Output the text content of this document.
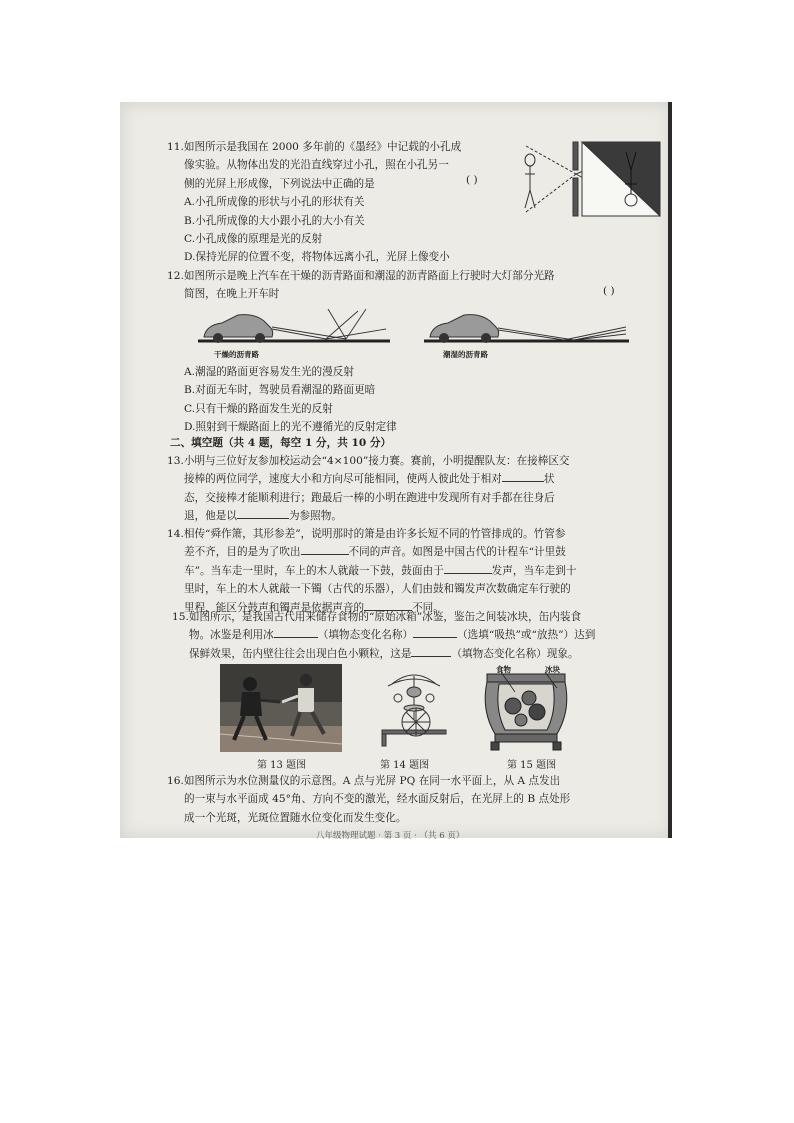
11.如图所示是我国在 2000 多年前的《墨经》中记载的小孔成
像实验。从物体出发的光沿直线穿过小孔，照在小孔另一
侧的光屏上形成像，下列说法中正确的是
A.小孔所成像的形状与小孔的形状有关
B.小孔所成像的大小跟小孔的大小有关
C.小孔成像的原理是光的反射
D.保持光屏的位置不变，将物体远离小孔，光屏上像变小
( )
12.如图所示是晚上汽车在干燥的沥青路面和潮湿的沥青路面上行驶时大灯部分光路
简图，在晚上开车时	( )
干燥的沥青路	潮湿的沥青路
A.潮湿的路面更容易发生光的漫反射
B.对面无车时，驾驶员看潮湿的路面更暗
C.只有干燥的路面发生光的反射
D.照射到干燥路面上的光不遵循光的反射定律
二、填空题（共 4 题，每空 1 分，共 10 分）
13.小明与三位好友参加校运动会“4×100”接力赛。赛前，小明提醒队友：在接棒区交
接棒的两位同学，速度大小和方向尽可能相同，使两人彼此处于相对	状
态，交接棒才能顺利进行；跑最后一棒的小明在跑进中发现所有对手都在往身后
退，他是以	为参照物。
14.相传“舜作箫，其形参差”，说明那时的箫是由许多长短不同的竹管排成的。竹管参
差不齐，目的是为了吹出	不同的声音。如图是中国古代的计程车“计里鼓
车”。当车走一里时，车上的木人就敲一下鼓，鼓面由于	发声，当车走到十
里时，车上的木人就敲一下镯（古代的乐器），人们由鼓和镯发声次数确定车行驶的
里程，能区分鼓声和镯声是依据声音的	不同。
15.如图所示，是我国古代用来储存食物的“原始冰箱”冰鉴，鉴缶之间装冰块，缶内装食
物。冰鉴是利用冰	（填物态变化名称）	（选填“吸热”或“放热”）达到
保鲜效果，缶内壁往往会出现白色小颗粒，这是	（填物态变化名称）现象。
食物	冰块
第 13 题图	第 14 题图	第 15 题图
16.如图所示为水位测量仪的示意图。A 点与光屏 PQ 在同一水平面上，从 A 点发出
的一束与水平面成 45°角、方向不变的激光，经水面反射后，在光屏上的 B 点处形
成一个光斑，光斑位置随水位变化而发生变化。
八年级物理试题 · 第 3 页 · （共 6 页）
